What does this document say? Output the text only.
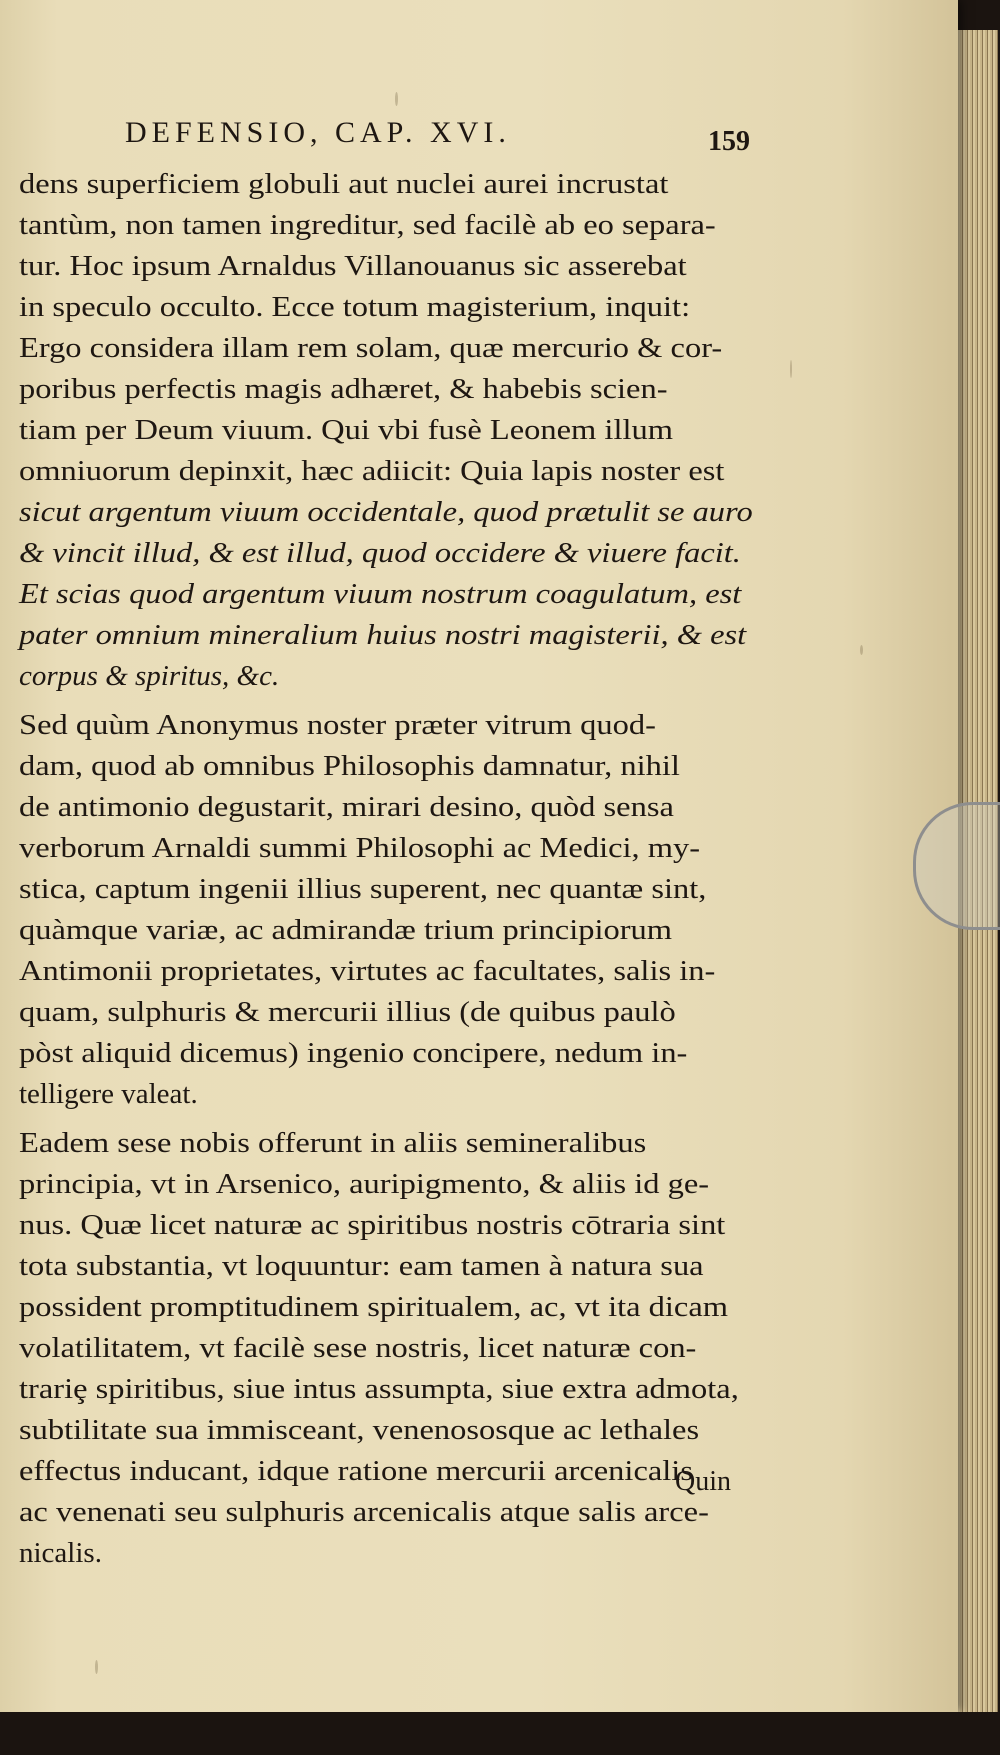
DEFENSIO, CAP. XVI.	159
dens superficiem globuli aut nuclei aurei incrustat
tantùm, non tamen ingreditur, sed facilè ab eo separa-
tur. Hoc ipsum Arnaldus Villanouanus sic asserebat
in speculo occulto. Ecce totum magisterium, inquit:
Ergo considera illam rem solam, quæ mercurio & cor-
poribus perfectis magis adhæret, & habebis scien-
tiam per Deum viuum. Qui vbi fusè Leonem illum
omniuorum depinxit, hæc adiicit: Quia lapis noster est
sicut argentum viuum occidentale, quod prætulit se auro
& vincit illud, & est illud, quod occidere & viuere facit.
Et scias quod argentum viuum nostrum coagulatum, est
pater omnium mineralium huius nostri magisterii, & est
corpus & spiritus, &c.
Sed quùm Anonymus noster præter vitrum quod-
dam, quod ab omnibus Philosophis damnatur, nihil
de antimonio degustarit, mirari desino, quòd sensa
verborum Arnaldi summi Philosophi ac Medici, my-
stica, captum ingenii illius superent, nec quantæ sint,
quàmque variæ, ac admirandæ trium principiorum
Antimonii proprietates, virtutes ac facultates, salis in-
quam, sulphuris & mercurii illius (de quibus paulò
pòst aliquid dicemus) ingenio concipere, nedum in-
telligere valeat.
Eadem sese nobis offerunt in aliis semineralibus
principia, vt in Arsenico, auripigmento, & aliis id ge-
nus. Quæ licet naturæ ac spiritibus nostris cōtraria sint
tota substantia, vt loquuntur: eam tamen à natura sua
possident promptitudinem spiritualem, ac, vt ita dicam
volatilitatem, vt facilè sese nostris, licet naturæ con-
trariȩ spiritibus, siue intus assumpta, siue extra admota,
subtilitate sua immisceant, venenososque ac lethales
effectus inducant, idque ratione mercurii arcenicalis
ac venenati seu sulphuris arcenicalis atque salis arce-
nicalis.
Quin
